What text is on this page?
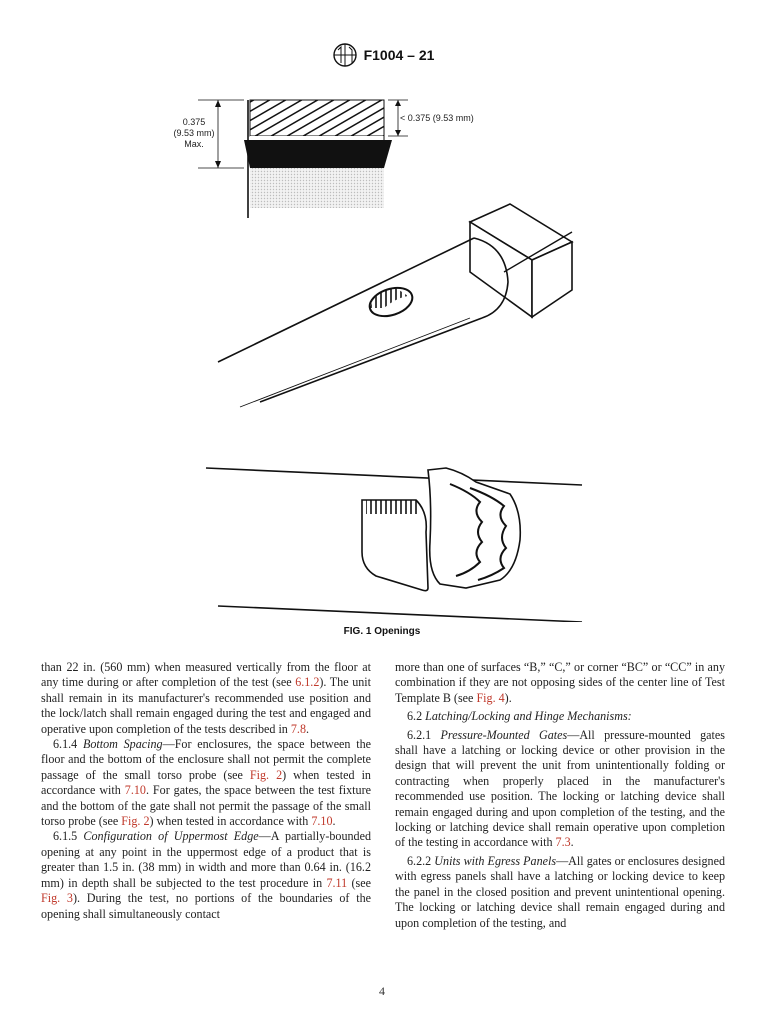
F1004 – 21
0.375
(9.53 mm)
Max.
< 0.375 (9.53 mm)
FIG. 1 Openings

than 22 in. (560 mm) when measured vertically from the floor at any time during or after completion of the test (see 6.1.2). The unit shall remain in its manufacturer's recommended use position and the lock/latch shall remain engaged during the test and engaged and operative upon completion of the tests described in 7.8.

6.1.4 Bottom Spacing—For enclosures, the space between the floor and the bottom of the enclosure shall not permit the complete passage of the small torso probe (see Fig. 2) when tested in accordance with 7.10. For gates, the space between the test fixture and the bottom of the gate shall not permit the passage of the small torso probe (see Fig. 2) when tested in accordance with 7.10.

6.1.5 Configuration of Uppermost Edge—A partially-bounded opening at any point in the uppermost edge of a product that is greater than 1.5 in. (38 mm) in width and more than 0.64 in. (16.2 mm) in depth shall be subjected to the test procedure in 7.11 (see Fig. 3). During the test, no portions of the boundaries of the opening shall simultaneously contact

more than one of surfaces “B,” “C,” or corner “BC” or “CC” in any combination if they are not opposing sides of the center line of Test Template B (see Fig. 4).

6.2 Latching/Locking and Hinge Mechanisms:

6.2.1 Pressure-Mounted Gates—All pressure-mounted gates shall have a latching or locking device or other provision in the design that will prevent the unit from unintentionally folding or contracting when properly placed in the manufacturer's recommended use position. The locking or latching device shall remain engaged during and upon completion of the testing, and the locking or latching device shall remain operative upon completion of the testing in accordance with 7.3.

6.2.2 Units with Egress Panels—All gates or enclosures designed with egress panels shall have a latching or locking device to keep the panel in the closed position and prevent unintentional opening. The locking or latching device shall remain engaged during and upon completion of the testing, and

4
